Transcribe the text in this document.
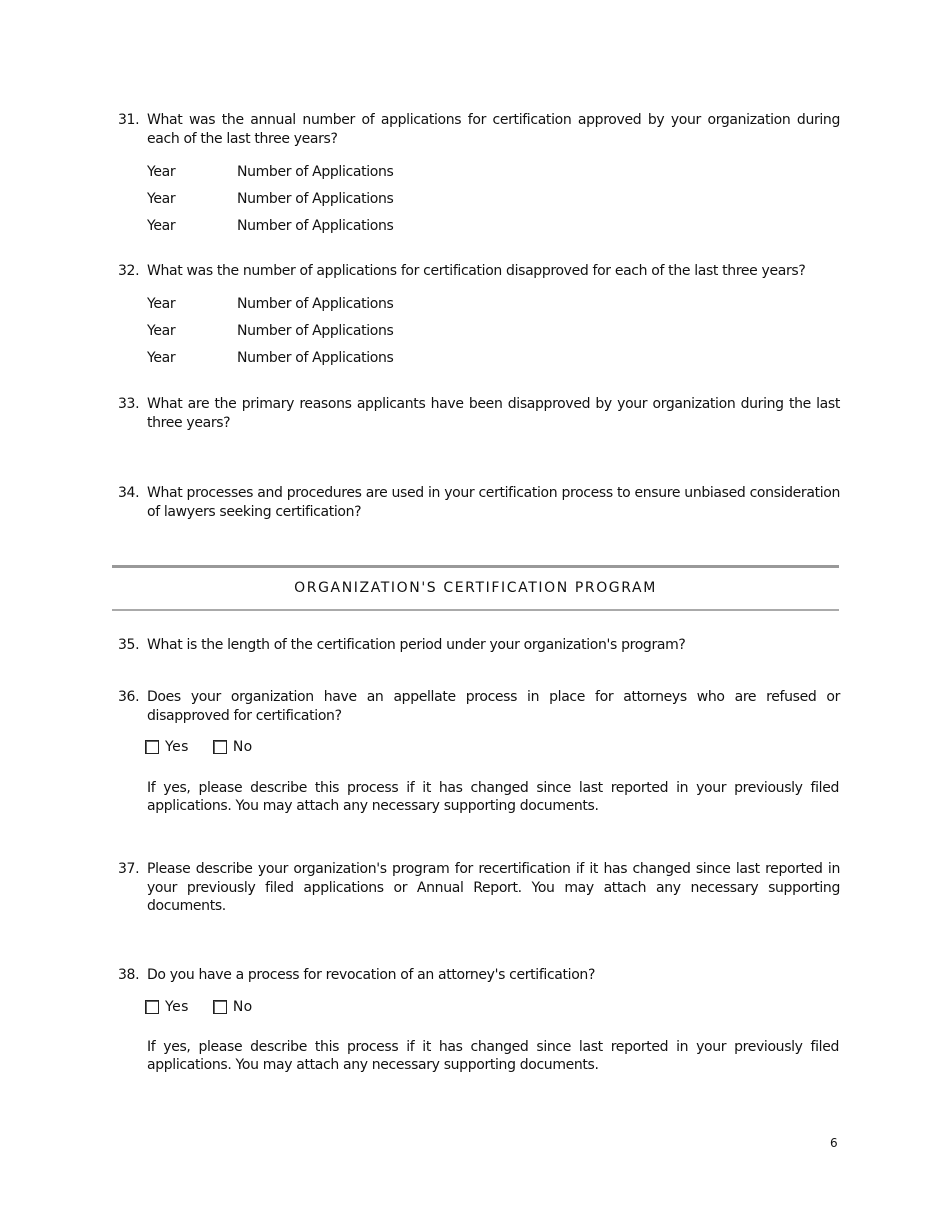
31. What was the annual number of applications for certification approved by your organization during each of the last three years?
Year	Number of Applications
Year	Number of Applications
Year	Number of Applications
32. What was the number of applications for certification disapproved for each of the last three years?
Year	Number of Applications
Year	Number of Applications
Year	Number of Applications
33. What are the primary reasons applicants have been disapproved by your organization during the last three years?
34. What processes and procedures are used in your certification process to ensure unbiased consideration of lawyers seeking certification?
ORGANIZATION'S CERTIFICATION PROGRAM
35. What is the length of the certification period under your organization's program?
36. Does your organization have an appellate process in place for attorneys who are refused or disapproved for certification?
Yes	No
If yes, please describe this process if it has changed since last reported in your previously filed applications. You may attach any necessary supporting documents.
37. Please describe your organization's program for recertification if it has changed since last reported in your previously filed applications or Annual Report. You may attach any necessary supporting documents.
38. Do you have a process for revocation of an attorney's certification?
Yes	No
If yes, please describe this process if it has changed since last reported in your previously filed applications. You may attach any necessary supporting documents.
6
